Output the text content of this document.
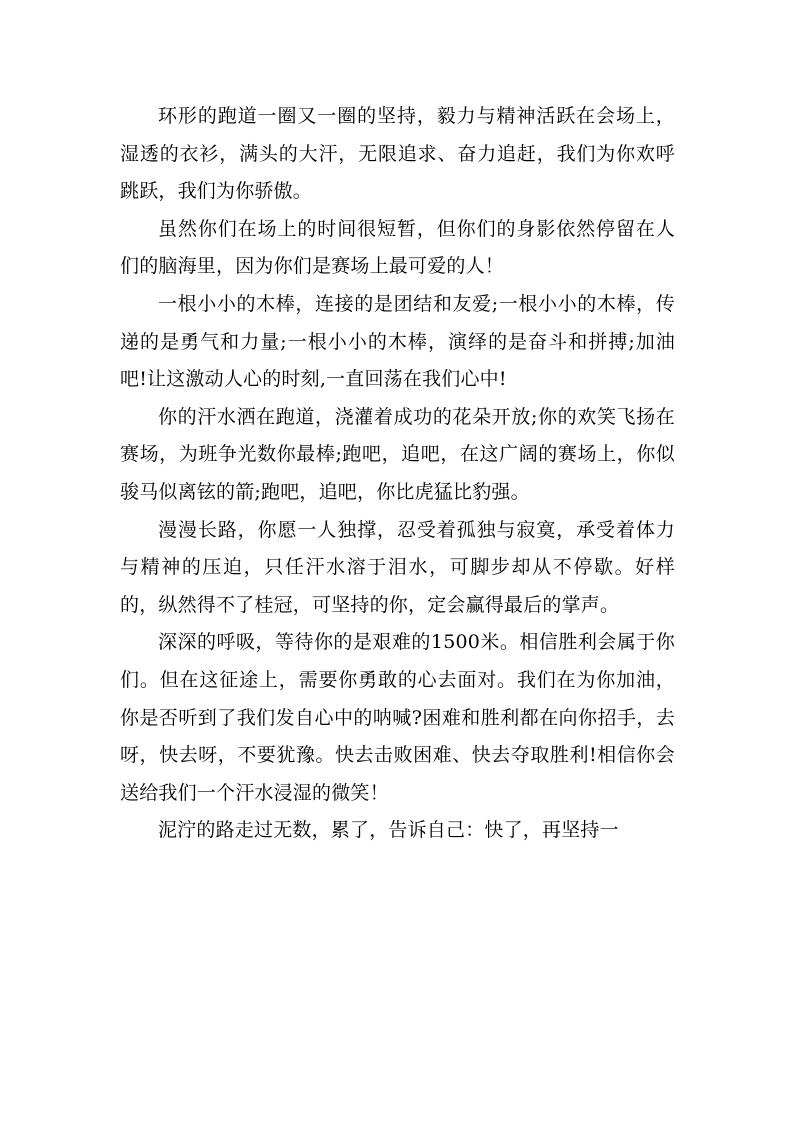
环形的跑道一圈又一圈的坚持，毅力与精神活跃在会场上，湿透的衣衫，满头的大汗，无限追求、奋力追赶，我们为你欢呼跳跃，我们为你骄傲。

虽然你们在场上的时间很短暂，但你们的身影依然停留在人们的脑海里，因为你们是赛场上最可爱的人！

一根小小的木棒，连接的是团结和友爱;一根小小的木棒，传递的是勇气和力量;一根小小的木棒，演绎的是奋斗和拼搏;加油吧!让这激动人心的时刻,一直回荡在我们心中!

你的汗水洒在跑道，浇灌着成功的花朵开放;你的欢笑飞扬在赛场，为班争光数你最棒;跑吧，追吧，在这广阔的赛场上，你似骏马似离铉的箭;跑吧，追吧，你比虎猛比豹强。

漫漫长路，你愿一人独撑，忍受着孤独与寂寞，承受着体力与精神的压迫，只任汗水溶于泪水，可脚步却从不停歇。好样的，纵然得不了桂冠，可坚持的你，定会赢得最后的掌声。

深深的呼吸，等待你的是艰难的1500米。相信胜利会属于你们。但在这征途上，需要你勇敢的心去面对。我们在为你加油，你是否听到了我们发自心中的呐喊?困难和胜利都在向你招手，去呀，快去呀，不要犹豫。快去击败困难、快去夺取胜利!相信你会送给我们一个汗水浸湿的微笑！

泥泞的路走过无数，累了，告诉自己：快了，再坚持一
